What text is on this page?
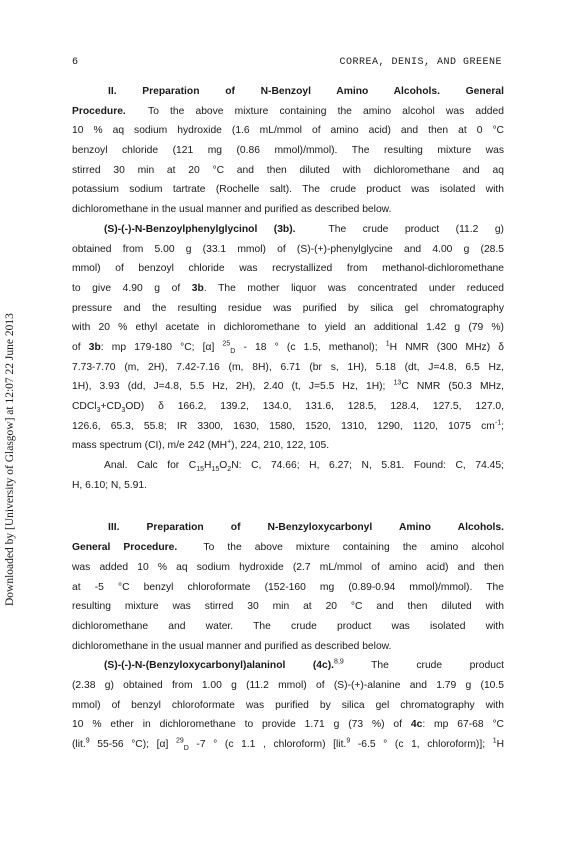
6	CORREA, DENIS, AND GREENE
Downloaded by [University of Glasgow] at 12:07 22 June 2013
II. Preparation of N-Benzoyl Amino Alcohols. General
Procedure. To the above mixture containing the amino alcohol was added
10 % aq sodium hydroxide (1.6 mL/mmol of amino acid) and then at 0 °C
benzoyl chloride (121 mg (0.86 mmol)/mmol). The resulting mixture was
stirred 30 min at 20 °C and then diluted with dichloromethane and aq
potassium sodium tartrate (Rochelle salt). The crude product was isolated with
dichloromethane in the usual manner and purified as described below.
(S)-(-)-N-Benzoylphenylglycinol (3b).	The crude product (11.2 g)
obtained from 5.00 g (33.1 mmol) of (S)-(+)-phenylglycine and 4.00 g (28.5
mmol) of benzoyl chloride was recrystallized from methanol-dichloromethane
to give 4.90 g of 3b. The mother liquor was concentrated under reduced
pressure and the resulting residue was purified by silica gel chromatography
with 20 % ethyl acetate in dichloromethane to yield an additional 1.42 g (79 %)
of 3b: mp 179-180 °C; [α] $^{25}_D$ - 18 ° (c 1.5, methanol); $^1$H NMR (300 MHz) δ
7.73-7.70 (m, 2H), 7.42-7.16 (m, 8H), 6.71 (br s, 1H), 5.18 (dt, J=4.8, 6.5 Hz,
1H), 3.93 (dd, J=4.8, 5.5 Hz, 2H), 2.40 (t, J=5.5 Hz, 1H); $^{13}$C NMR (50.3 MHz,
$CDCl_3+CD_3OD$) δ 166.2, 139.2, 134.0, 131.6, 128.5, 128.4, 127.5, 127.0,
126.6, 65.3, 55.8; IR 3300, 1630, 1580, 1520, 1310, 1290, 1120, 1075 $cm^{-1}$;
mass spectrum (CI), m/e 242 (MH+), 224, 210, 122, 105.
Anal. Calc for $C_{15}H_{15}O_2N$: C, 74.66; H, 6.27; N, 5.81. Found: C, 74.45;
H, 6.10; N, 5.91.
III. Preparation of N-Benzyloxycarbonyl Amino Alcohols.
General Procedure.	To the above mixture containing the amino alcohol
was added 10 % aq sodium hydroxide (2.7 mL/mmol of amino acid) and then
at -5 °C benzyl chloroformate (152-160 mg (0.89-0.94 mmol)/mmol). The
resulting mixture was stirred 30 min at 20 °C and then diluted with
dichloromethane and water. The crude product was isolated with
dichloromethane in the usual manner and purified as described below.
(S)-(-)-N-(Benzyloxycarbonyl)alaninol (4c).$^{8,9}$ The crude product
(2.38 g) obtained from 1.00 g (11.2 mmol) of (S)-(+)-alanine and 1.79 g (10.5
mmol) of benzyl chloroformate was purified by silica gel chromatography with
10 % ether in dichloromethane to provide 1.71 g (73 %) of 4c: mp 67-68 °C
(lit.$^9$ 55-56 °C); [α] $^{29}_D$ -7 ° (c 1.1 , chloroform) [lit.$^9$ -6.5 ° (c 1, chloroform)]; $^1$H
